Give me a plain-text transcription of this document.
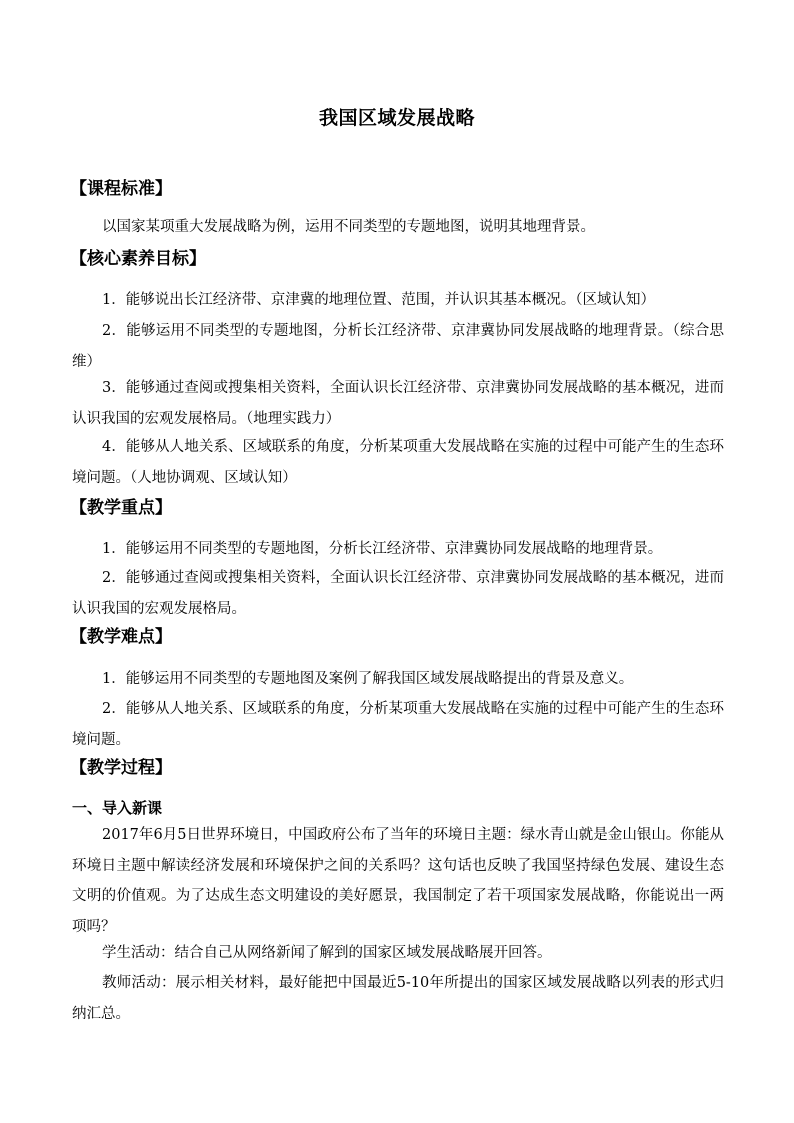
我国区域发展战略
【课程标准】
以国家某项重大发展战略为例，运用不同类型的专题地图，说明其地理背景。
【核心素养目标】
1．能够说出长江经济带、京津冀的地理位置、范围，并认识其基本概况。（区域认知）
2．能够运用不同类型的专题地图，分析长江经济带、京津冀协同发展战略的地理背景。（综合思维）
3．能够通过查阅或搜集相关资料，全面认识长江经济带、京津冀协同发展战略的基本概况，进而认识我国的宏观发展格局。（地理实践力）
4．能够从人地关系、区域联系的角度，分析某项重大发展战略在实施的过程中可能产生的生态环境问题。（人地协调观、区域认知）
【教学重点】
1．能够运用不同类型的专题地图，分析长江经济带、京津冀协同发展战略的地理背景。
2．能够通过查阅或搜集相关资料，全面认识长江经济带、京津冀协同发展战略的基本概况，进而认识我国的宏观发展格局。
【教学难点】
1．能够运用不同类型的专题地图及案例了解我国区域发展战略提出的背景及意义。
2．能够从人地关系、区域联系的角度，分析某项重大发展战略在实施的过程中可能产生的生态环境问题。
【教学过程】
一、导入新课
2017年6月5日世界环境日，中国政府公布了当年的环境日主题：绿水青山就是金山银山。你能从环境日主题中解读经济发展和环境保护之间的关系吗？这句话也反映了我国坚持绿色发展、建设生态文明的价值观。为了达成生态文明建设的美好愿景，我国制定了若干项国家发展战略，你能说出一两项吗？
学生活动：结合自己从网络新闻了解到的国家区域发展战略展开回答。
教师活动：展示相关材料，最好能把中国最近5-10年所提出的国家区域发展战略以列表的形式归纳汇总。
